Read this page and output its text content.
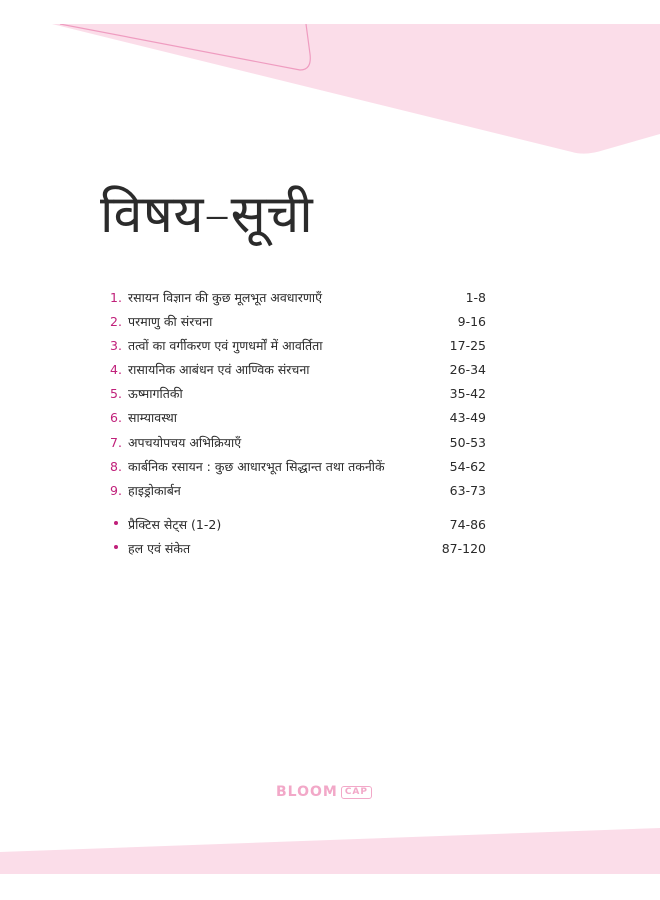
विषय–सूची
1. रसायन विज्ञान की कुछ मूलभूत अवधारणाएँ	1-8
2. परमाणु की संरचना	9-16
3. तत्वों का वर्गीकरण एवं गुणधर्मों में आवर्तिता	17-25
4. रासायनिक आबंधन एवं आण्विक संरचना	26-34
5. ऊष्मागतिकी	35-42
6. साम्यावस्था	43-49
7. अपचयोपचय अभिक्रियाएँ	50-53
8. कार्बनिक रसायन : कुछ आधारभूत सिद्धान्त तथा तकनीकें	54-62
9. हाइड्रोकार्बन	63-73
प्रैक्टिस सेट्स (1-2)	74-86
हल एवं संकेत	87-120
BLOOM CAP
